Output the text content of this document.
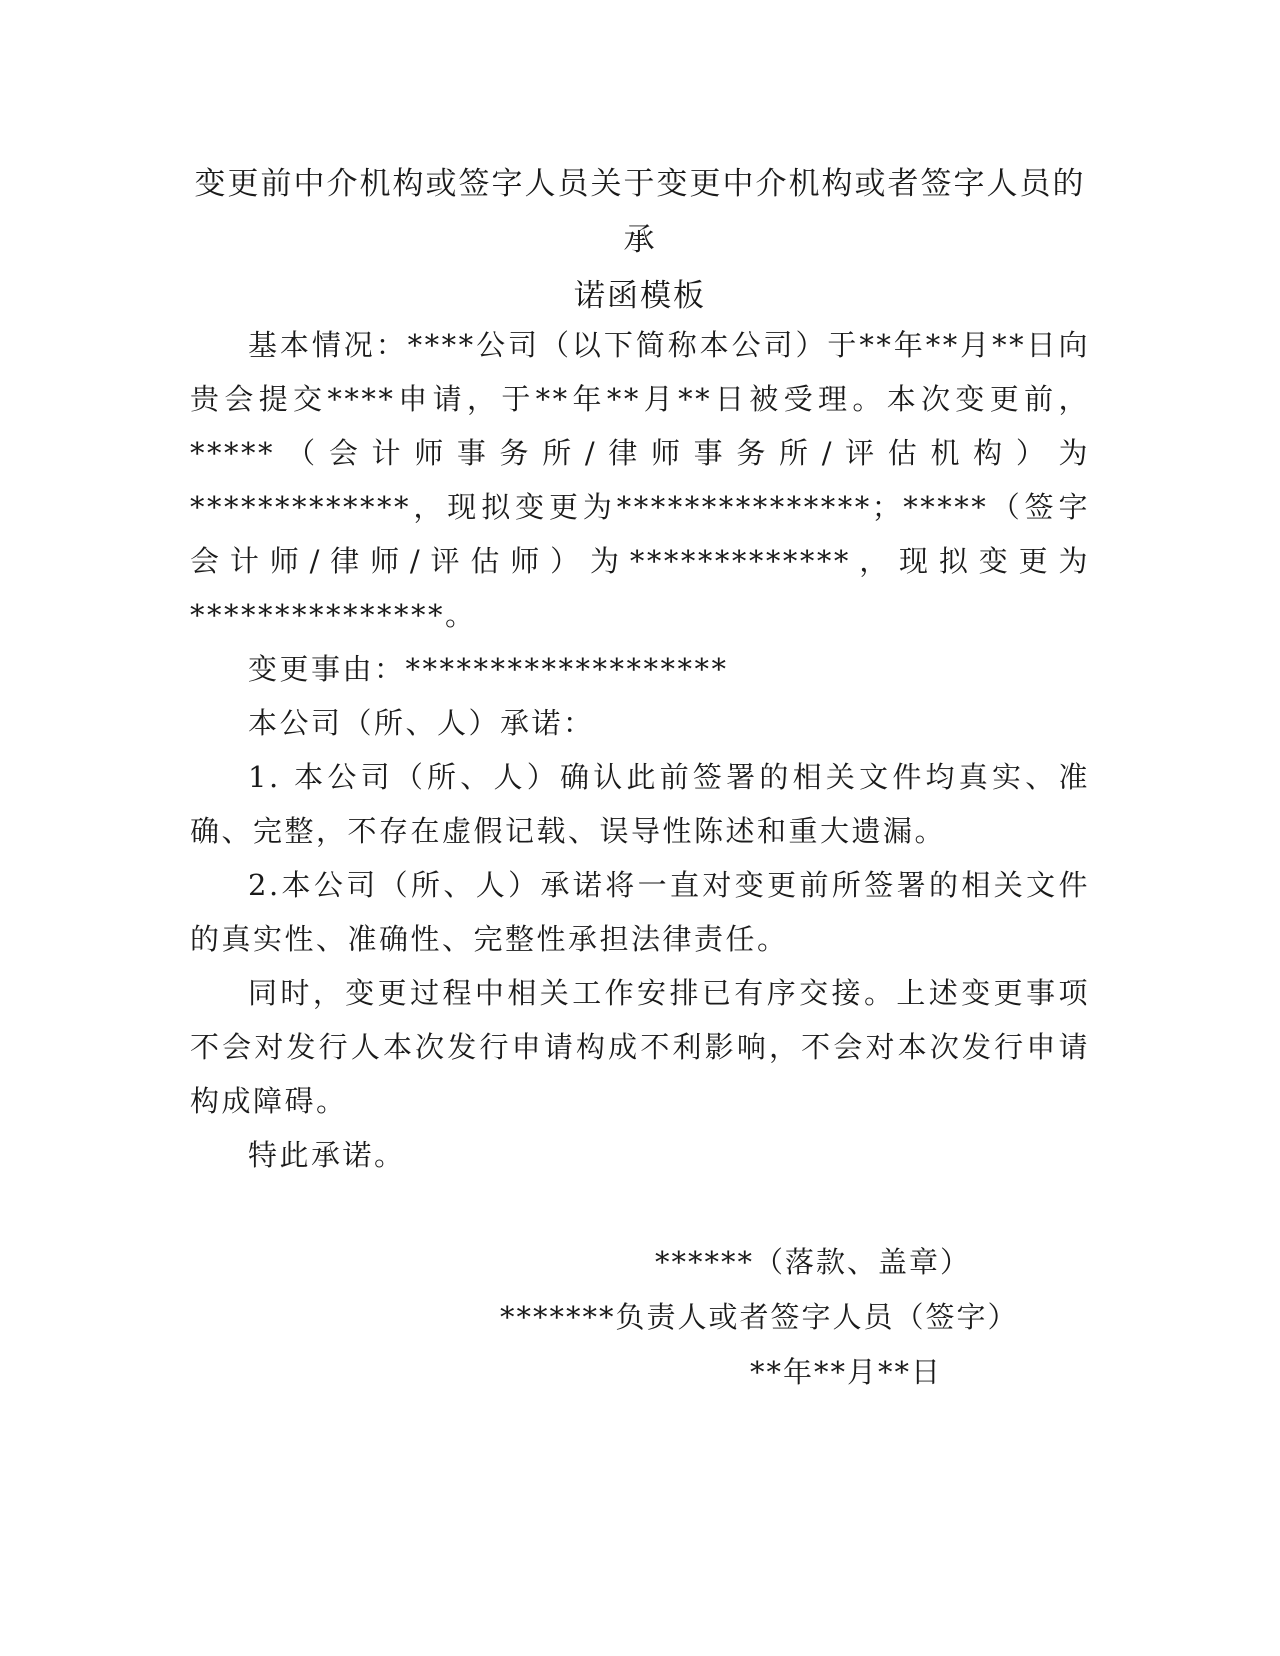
变更前中介机构或签字人员关于变更中介机构或者签字人员的承
诺函模板

基本情况：****公司（以下简称本公司）于**年**月**日向贵会提交****申请，于**年**月**日被受理。本次变更前，*****（会计师事务所/律师事务所/评估机构）为*************，现拟变更为***************；*****（签字会计师/律师/评估师）为*************，现拟变更为***************。

变更事由：*******************

本公司（所、人）承诺：

1. 本公司（所、人）确认此前签署的相关文件均真实、准确、完整，不存在虚假记载、误导性陈述和重大遗漏。

2.本公司（所、人）承诺将一直对变更前所签署的相关文件的真实性、准确性、完整性承担法律责任。

同时，变更过程中相关工作安排已有序交接。上述变更事项不会对发行人本次发行申请构成不利影响，不会对本次发行申请构成障碍。

特此承诺。

******（落款、盖章）
*******负责人或者签字人员（签字）
**年**月**日
